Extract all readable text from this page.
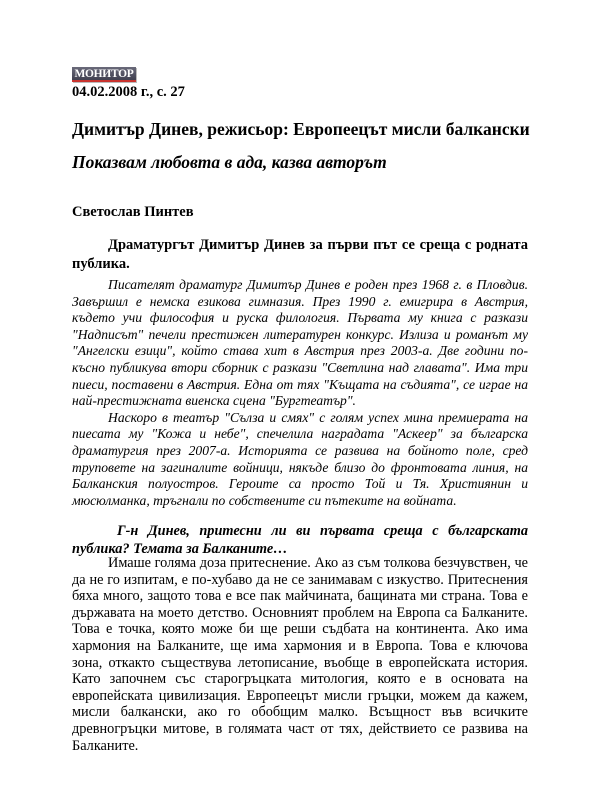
МОНИТОР

04.02.2008 г., с. 27

Димитър Динев, режисьор: Европеецът мисли балкански
Показвам любовта в ада, казва авторът

Светослав Пинтев

Драматургът Димитър Динев за първи път се среща с родната публика.

Писателят драматург Димитър Динев е роден през 1968 г. в Пловдив. Завършил е немска езикова гимназия. През 1990 г. емигрира в Австрия, където учи философия и руска филология. Първата му книга с разкази "Надписът" печели престижен литературен конкурс. Излиза и романът му "Ангелски езици", който става хит в Австрия през 2003-а. Две години по-късно публикува втори сборник с разкази "Светлина над главата". Има три пиеси, поставени в Австрия. Една от тях "Къщата на съдията", се играе на най-престижната виенска сцена "Бургтеатър".

Наскоро в театър "Сълза и смях" с голям успех мина премиерата на пиесата му "Кожа и небе", спечелила наградата "Аскеер" за българска драматургия през 2007-а. Историята се развива на бойното поле, сред труповете на загиналите войници, някъде близо до фронтовата линия, на Балканския полуостров. Героите са просто Той и Тя. Християнин и мюсюлманка, тръгнали по собствените си пътеките на войната.

Г-н Динев, притесни ли ви първата среща с българската публика? Темата за Балканите…

Имаше голяма доза притеснение. Ако аз съм толкова безчувствен, че да не го изпитам, е по-хубаво да не се занимавам с изкуство. Притеснения бяха много, защото това е все пак майчината, бащината ми страна. Това е държавата на моето детство. Основният проблем на Европа са Балканите. Това е точка, която може би ще реши съдбата на континента. Ако има хармония на Балканите, ще има хармония и в Европа. Това е ключова зона, откакто съществува летописание, въобще в европейската история. Като започнем със старогръцката митология, която е в основата на европейската цивилизация. Европеецът мисли гръцки, можем да кажем, мисли балкански, ако го обобщим малко. Всъщност във всичките древногръцки митове, в голямата част от тях, действието се развива на Балканите.
